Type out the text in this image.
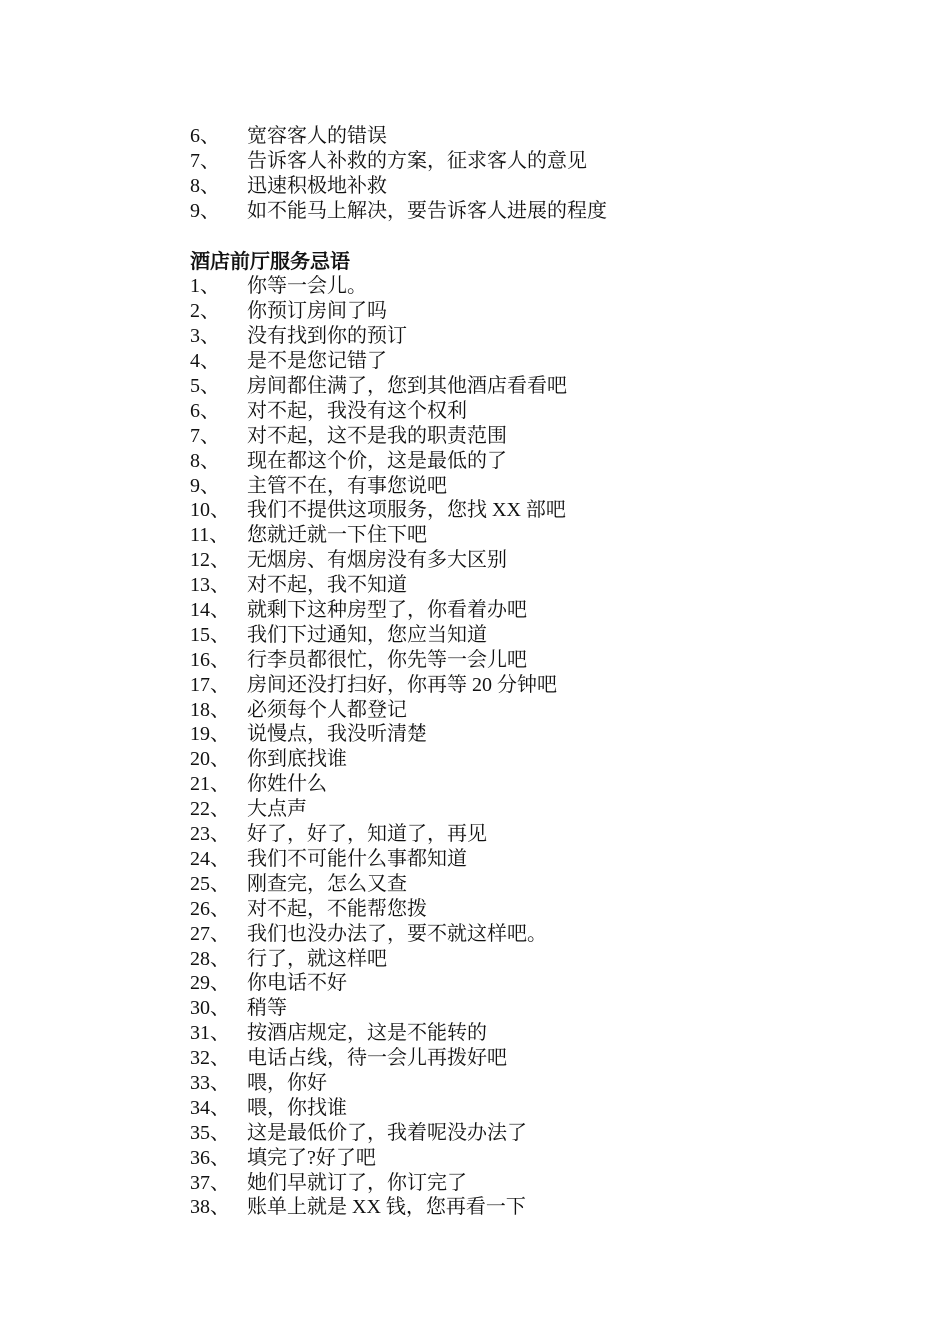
6、	宽容客人的错误
7、	告诉客人补救的方案，征求客人的意见
8、	迅速积极地补救
9、	如不能马上解决，要告诉客人进展的程度
酒店前厅服务忌语
1、	你等一会儿。
2、	你预订房间了吗
3、	没有找到你的预订
4、	是不是您记错了
5、	房间都住满了，您到其他酒店看看吧
6、	对不起，我没有这个权利
7、	对不起，这不是我的职责范围
8、	现在都这个价，这是最低的了
9、	主管不在，有事您说吧
10、 我们不提供这项服务，您找 XX 部吧
11、 您就迁就一下住下吧
12、 无烟房、有烟房没有多大区别
13、 对不起，我不知道
14、 就剩下这种房型了，你看着办吧
15、 我们下过通知，您应当知道
16、 行李员都很忙，你先等一会儿吧
17、 房间还没打扫好，你再等 20 分钟吧
18、 必须每个人都登记
19、 说慢点，我没听清楚
20、 你到底找谁
21、 你姓什么
22、 大点声
23、 好了，好了，知道了，再见
24、 我们不可能什么事都知道
25、 刚查完，怎么又查
26、 对不起，不能帮您拨
27、 我们也没办法了，要不就这样吧。
28、 行了，就这样吧
29、 你电话不好
30、 稍等
31、 按酒店规定，这是不能转的
32、 电话占线，待一会儿再拨好吧
33、 喂，你好
34、 喂，你找谁
35、 这是最低价了，我着呢没办法了
36、 填完了?好了吧
37、 她们早就订了，你订完了
38、 账单上就是 XX 钱，您再看一下
